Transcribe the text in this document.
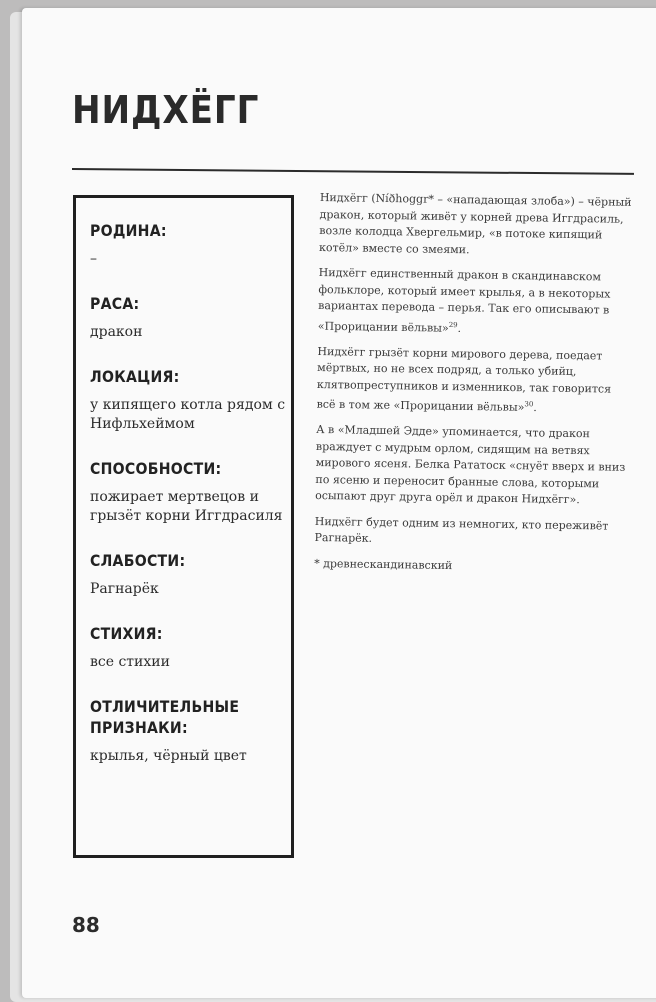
НИДХЁГГ
РОДИНА:
–
РАСА:
дракон
ЛОКАЦИЯ:
у кипящего котла рядом с Нифльхеймом
СПОСОБНОСТИ:
пожирает мертвецов и грызёт корни Иггдрасиля
СЛАБОСТИ:
Рагнарёк
СТИХИЯ:
все стихии
ОТЛИЧИТЕЛЬНЫЕ ПРИЗНАКИ:
крылья, чёрный цвет

Нидхёгг (Níðhoggr* – «нападающая злоба») – чёрный дракон, который живёт у корней древа Иггдрасиль, возле колодца Хвергельмир, «в потоке кипящий котёл» вместе со змеями.

Нидхёгг единственный дракон в скандинавском фольклоре, который имеет крылья, а в некоторых вариантах перевода – перья. Так его описывают в «Прорицании вёльвы»$^{29}$.

Нидхёгг грызёт корни мирового дерева, поедает мёртвых, но не всех подряд, а только убийц, клятвопреступников и изменников, так говорится всё в том же «Прорицании вёльвы»$^{30}$.

А в «Младшей Эдде» упоминается, что дракон враждует с мудрым орлом, сидящим на ветвях мирового ясеня. Белка Рататоск «снуёт вверх и вниз по ясеню и переносит бранные слова, которыми осыпают друг друга орёл и дракон Нидхёгг».

Нидхёгг будет одним из немногих, кто переживёт Рагнарёк.

* древнескандинавский

88
